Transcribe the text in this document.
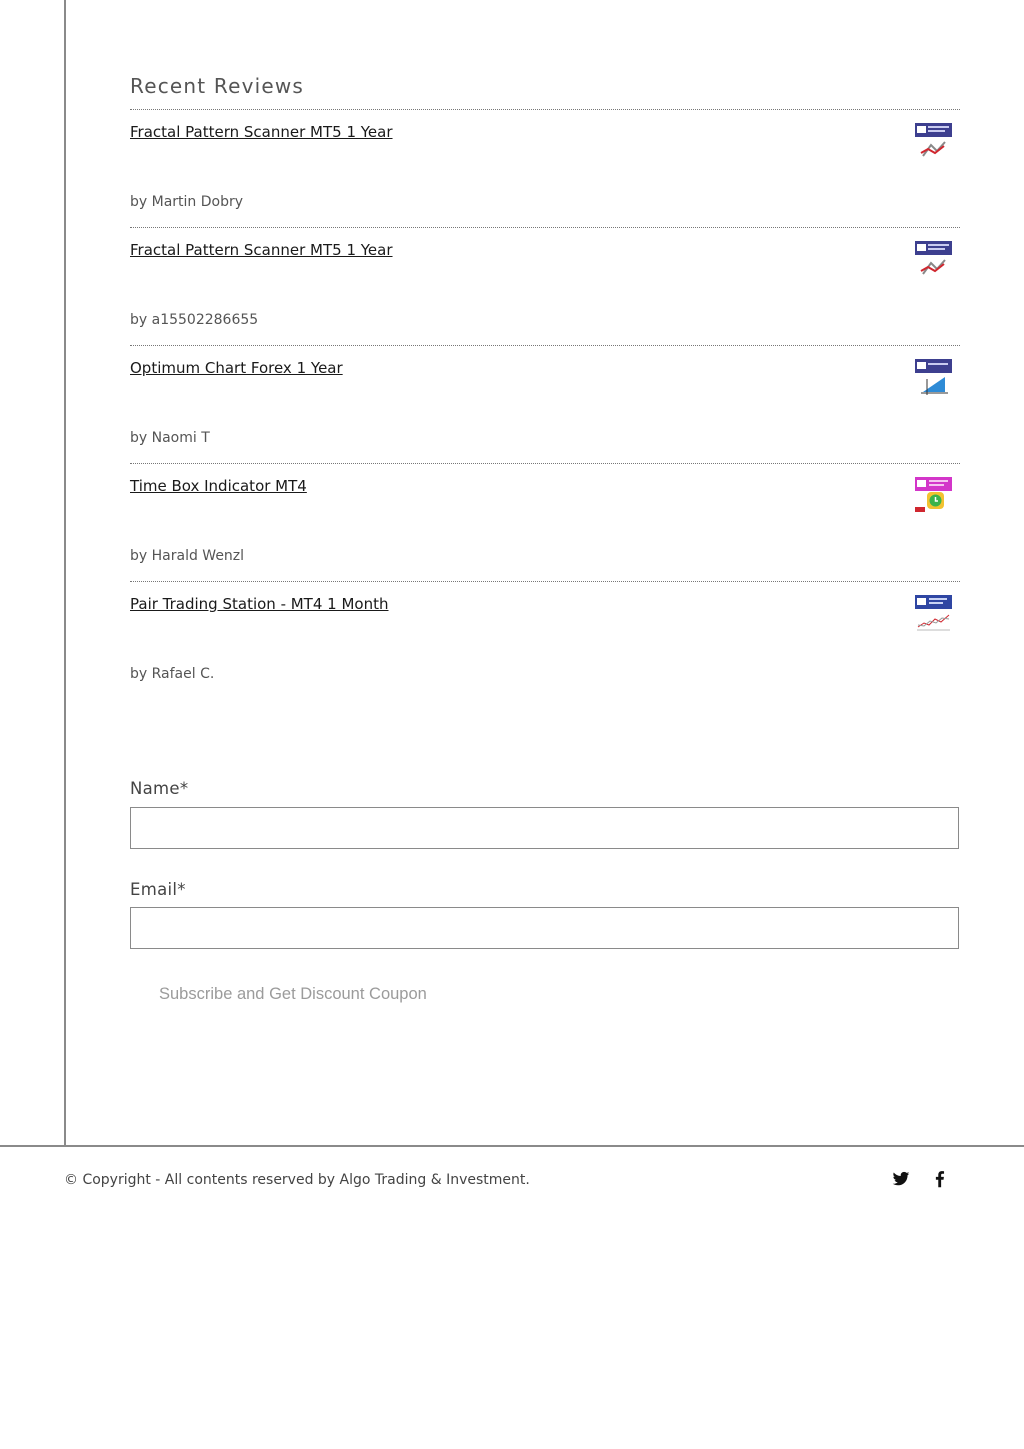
Recent Reviews
Fractal Pattern Scanner MT5 1 Year
by Martin Dobry
Fractal Pattern Scanner MT5 1 Year
by a15502286655
Optimum Chart Forex 1 Year
by Naomi T
Time Box Indicator MT4
by Harald Wenzl
Pair Trading Station - MT4 1 Month
by Rafael C.
Name*
Email*
Subscribe and Get Discount Coupon
© Copyright - All contents reserved by Algo Trading & Investment.
